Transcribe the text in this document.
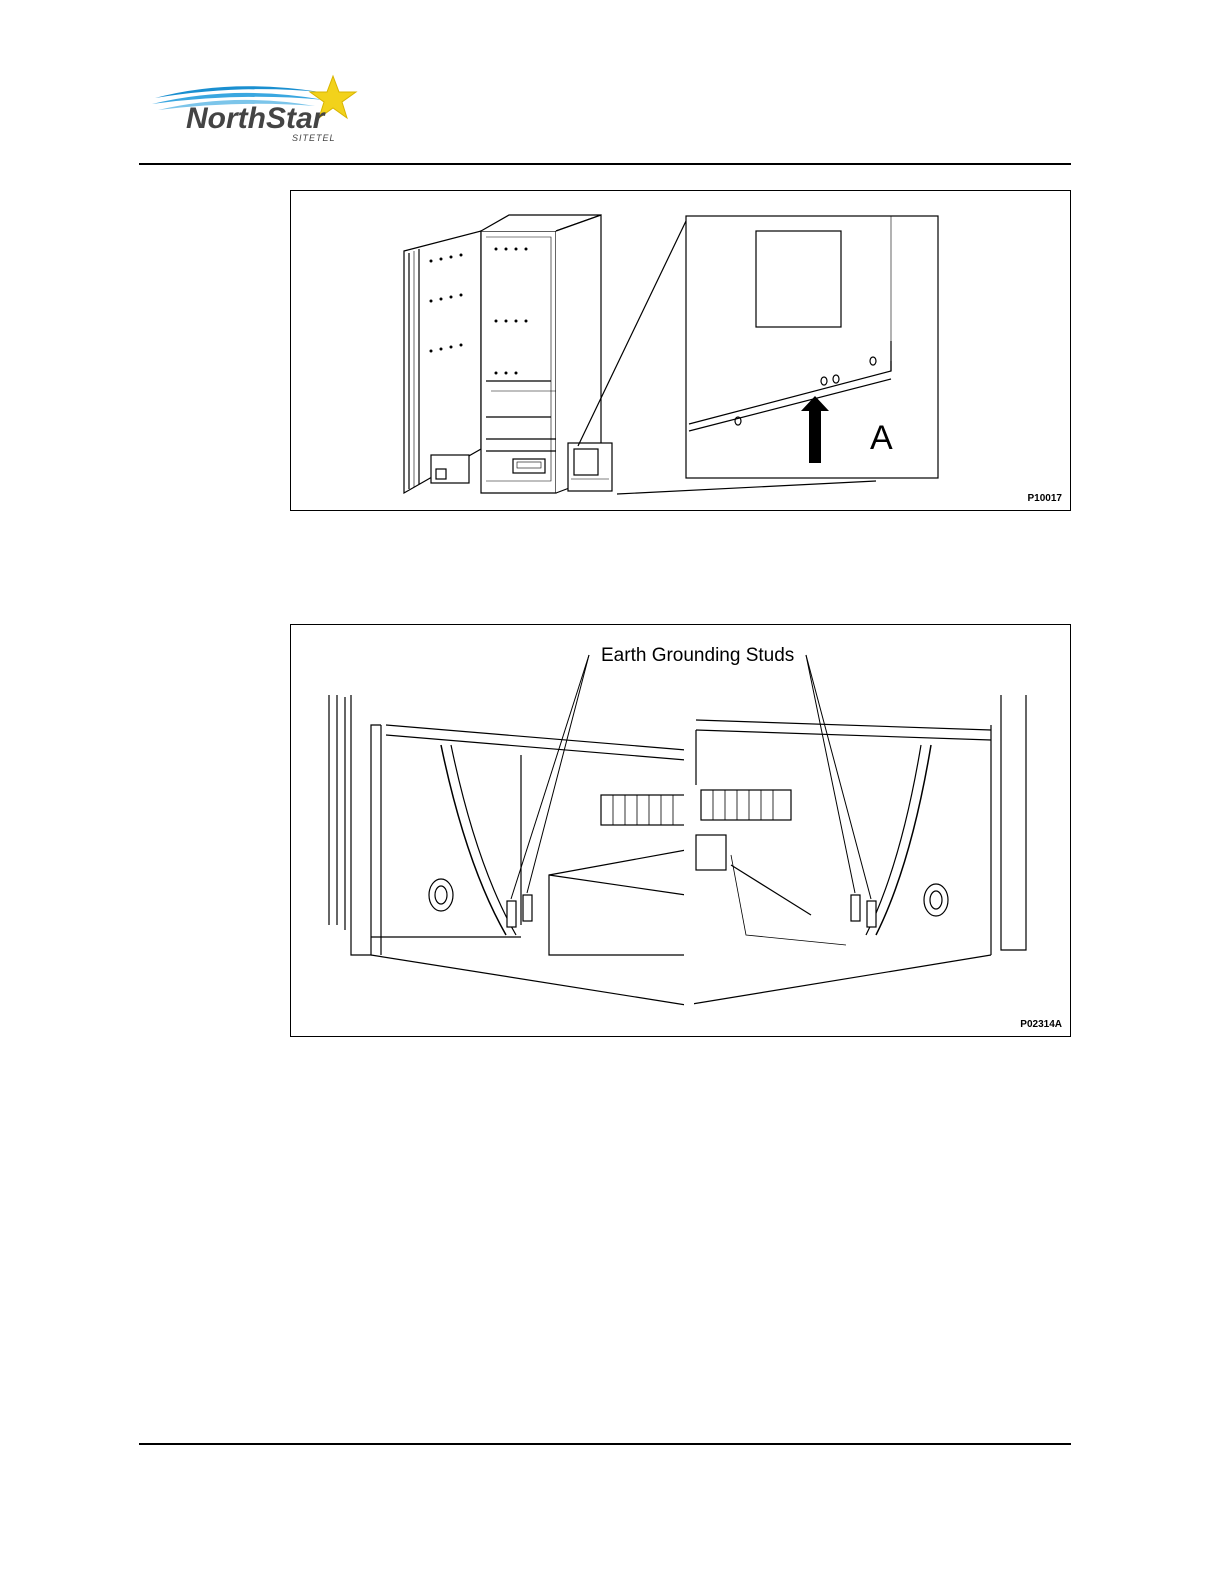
NorthStar
SITETEL
A
P10017
Earth Grounding Studs
P02314A
